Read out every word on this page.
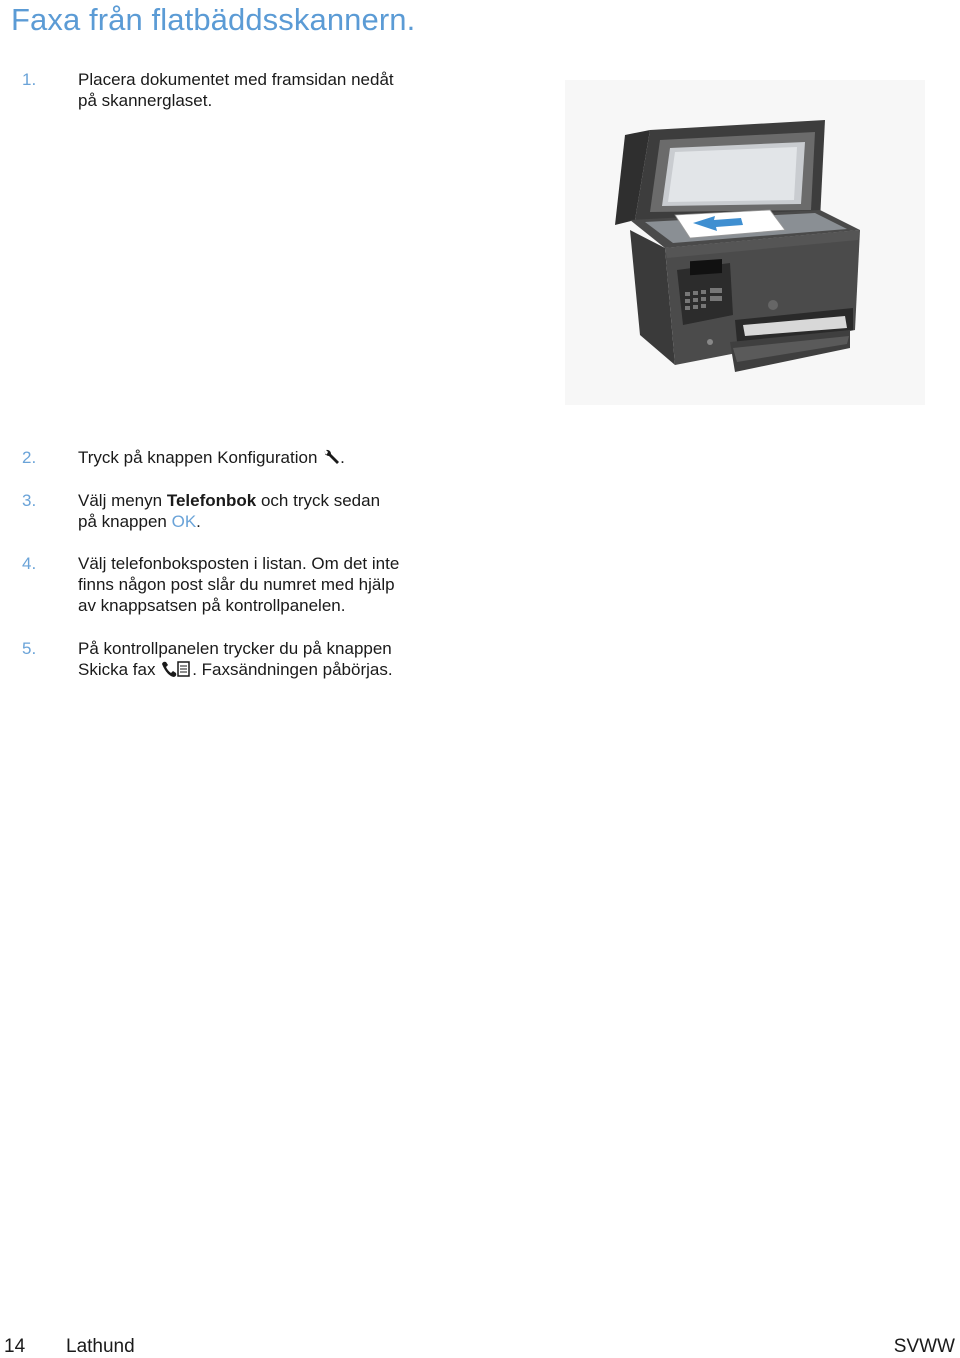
Faxa från flatbäddsskannern.
1. Placera dokumentet med framsidan nedåt
på skannerglaset.
2. Tryck på knappen Konfiguration .
3. Välj menyn Telefonbok och tryck sedan
på knappen OK.
4. Välj telefonboksposten i listan. Om det inte
finns någon post slår du numret med hjälp
av knappsatsen på kontrollpanelen.
5. På kontrollpanelen trycker du på knappen
Skicka fax . Faxsändningen påbörjas.
14 Lathund	SVWW
